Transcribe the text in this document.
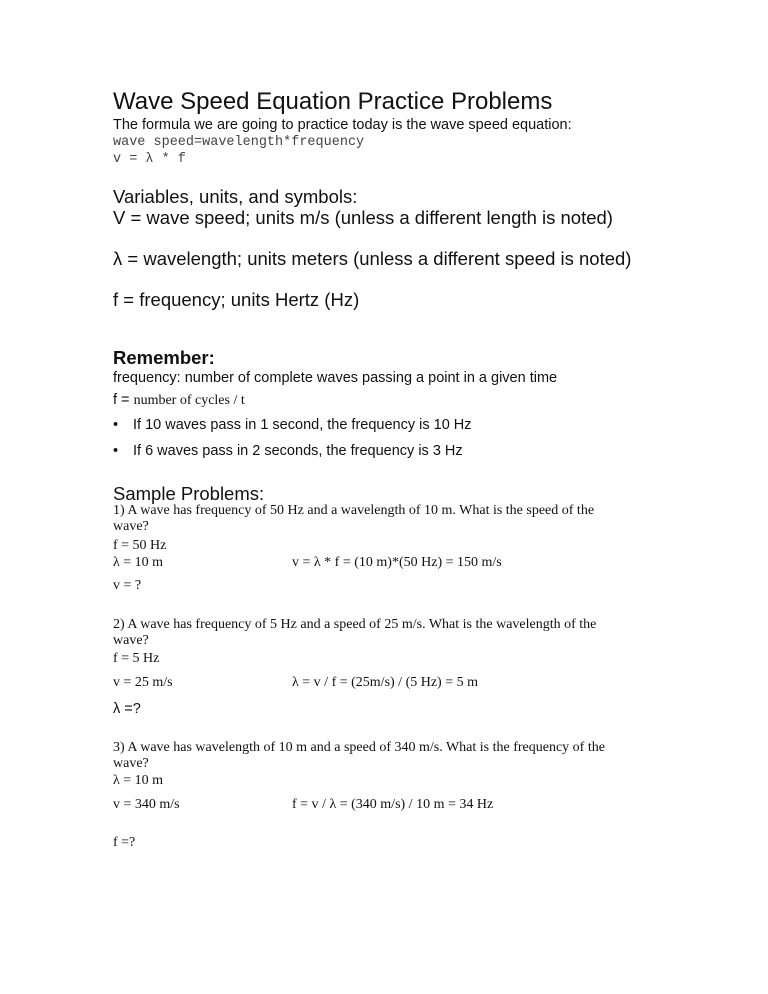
Wave Speed Equation Practice Problems
The formula we are going to practice today is the wave speed equation:
wave speed=wavelength*frequency
v = λ * f
Variables, units, and symbols:
V = wave speed; units m/s (unless a different length is noted)
λ = wavelength; units meters (unless a different speed is noted)
f = frequency; units Hertz (Hz)
Remember:
frequency: number of complete waves passing a point in a given time
f = number of cycles / t
• If 10 waves pass in 1 second, the frequency is 10 Hz
• If 6 waves pass in 2 seconds, the frequency is 3 Hz
Sample Problems:
1) A wave has frequency of 50 Hz and a wavelength of 10 m. What is the speed of the wave?
f = 50 Hz
λ = 10 m	v = λ * f = (10 m)*(50 Hz) = 150 m/s
v = ?
2) A wave has frequency of 5 Hz and a speed of 25 m/s. What is the wavelength of the wave?
f = 5 Hz
v = 25 m/s	λ = v / f = (25m/s) / (5 Hz) = 5 m
λ =?
3) A wave has wavelength of 10 m and a speed of 340 m/s. What is the frequency of the wave?
λ = 10 m
v = 340 m/s	f = v / λ = (340 m/s) / 10 m = 34 Hz
f =?
